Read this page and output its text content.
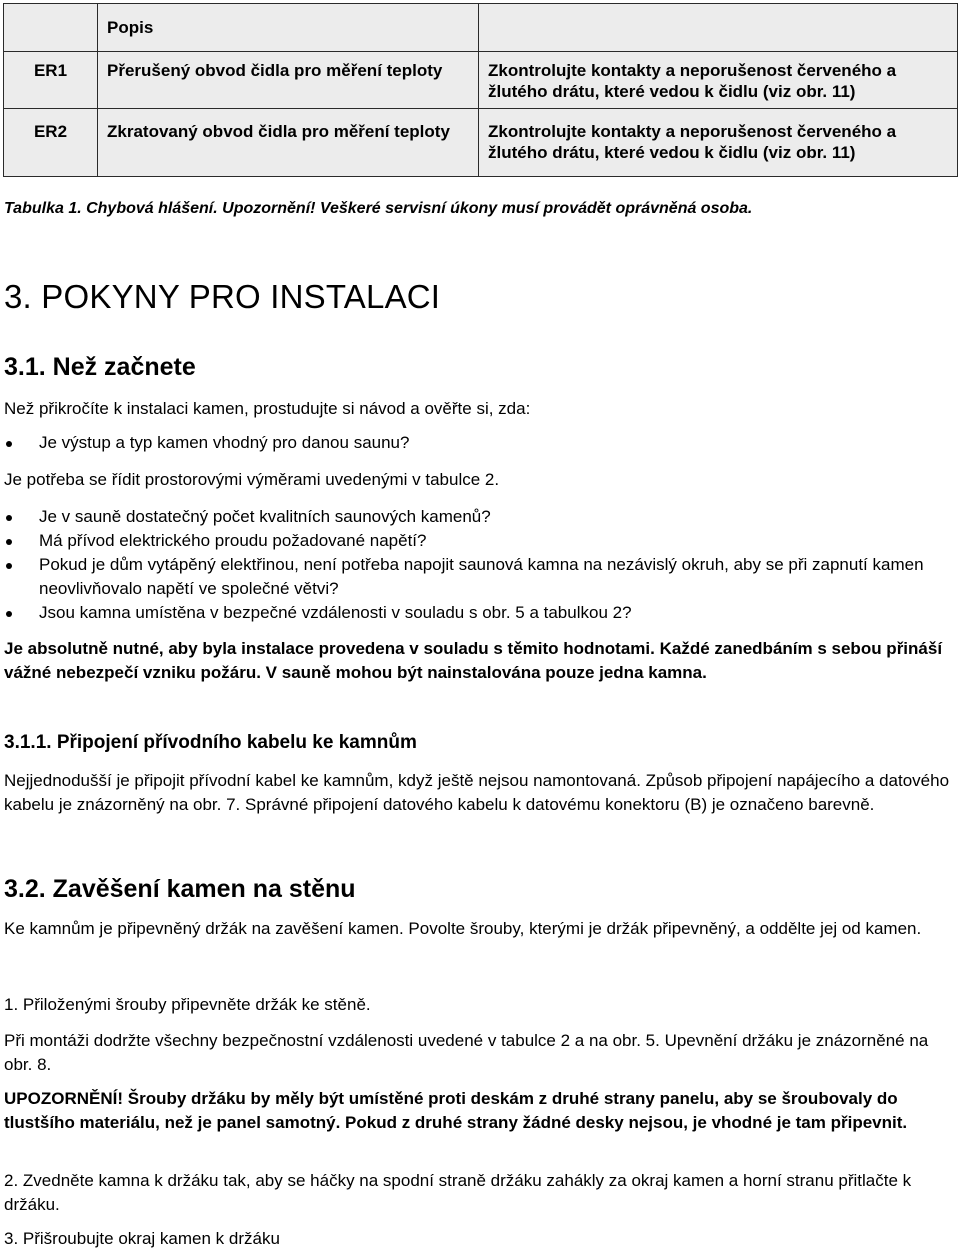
	Popis	
ER1	Přerušený obvod čidla pro měření teploty	Zkontrolujte kontakty a neporušenost červeného a žlutého drátu, které vedou k čidlu (viz obr. 11)
ER2	Zkratovaný obvod čidla pro měření teploty	Zkontrolujte kontakty a neporušenost červeného a žlutého drátu, které vedou k čidlu (viz obr. 11)
Tabulka 1. Chybová hlášení. Upozornění! Veškeré servisní úkony musí provádět oprávněná osoba.
3. POKYNY PRO INSTALACI
3.1. Než začnete

Než přikročíte k instalaci kamen, prostudujte si návod a ověřte si, zda:

Je výstup a typ kamen vhodný pro danou saunu?

Je potřeba se řídit prostorovými výměrami uvedenými v tabulce 2.

Je v sauně dostatečný počet kvalitních saunových kamenů?
Má přívod elektrického proudu požadované napětí?
Pokud je dům vytápěný elektřinou, není potřeba napojit saunová kamna na nezávislý okruh, aby se při zapnutí kamen neovlivňovalo napětí ve společné větvi?
Jsou kamna umístěna v bezpečné vzdálenosti v souladu s obr. 5 a tabulkou 2?

Je absolutně nutné, aby byla instalace provedena v souladu s těmito hodnotami. Každé zanedbáním s sebou přináší vážné nebezpečí vzniku požáru. V sauně mohou být nainstalována pouze jedna kamna.

3.1.1. Připojení přívodního kabelu ke kamnům

Nejjednodušší je připojit přívodní kabel ke kamnům, když ještě nejsou namontovaná. Způsob připojení napájecího a datového kabelu je znázorněný na obr. 7. Správné připojení datového kabelu k datovému konektoru (B) je označeno barevně.

3.2. Zavěšení kamen na stěnu

Ke kamnům je připevněný držák na zavěšení kamen. Povolte šrouby, kterými je držák připevněný, a oddělte jej od kamen.

1. Přiloženými šrouby připevněte držák ke stěně.

Při montáži dodržte všechny bezpečnostní vzdálenosti uvedené v tabulce 2 a na obr. 5. Upevnění držáku je znázorněné na obr. 8.

UPOZORNĚNÍ! Šrouby držáku by měly být umístěné proti deskám z druhé strany panelu, aby se šroubovaly do tlustšího materiálu, než je panel samotný. Pokud z druhé strany žádné desky nejsou, je vhodné je tam připevnit.

2. Zvedněte kamna k držáku tak, aby se háčky na spodní straně držáku zahákly za okraj kamen a horní stranu přitlačte k držáku.

3. Přišroubujte okraj kamen k držáku
